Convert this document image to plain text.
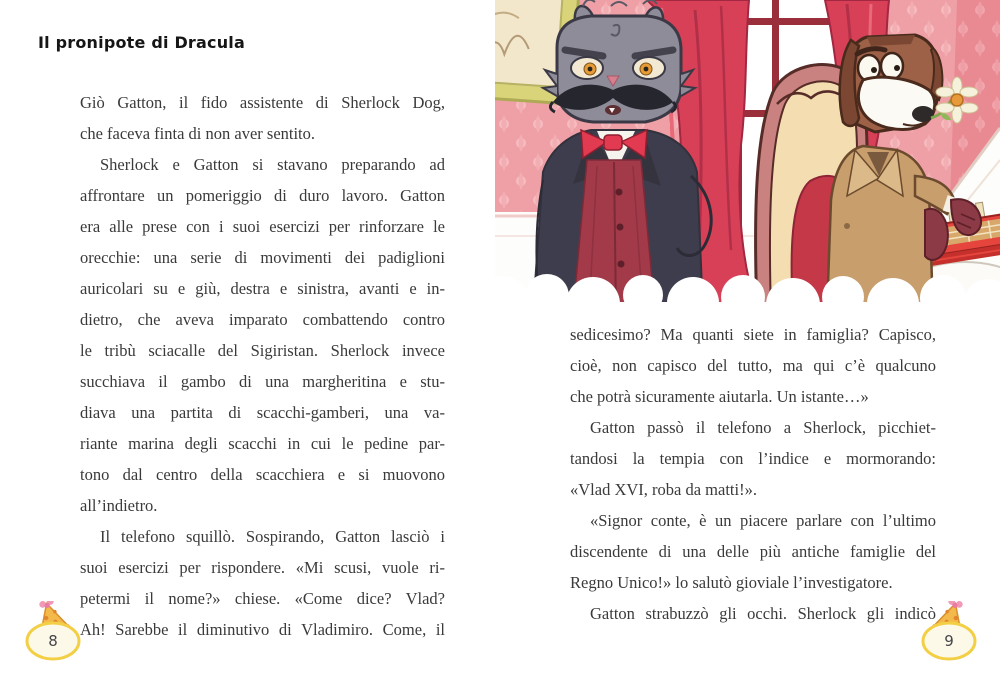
Il pronipote di Dracula
Giò Gatton, il fido assistente di Sherlock Dog,
che faceva finta di non aver sentito.
Sherlock e Gatton si stavano preparando ad
affrontare un pomeriggio di duro lavoro. Gatton
era alle prese con i suoi esercizi per rinforzare le
orecchie: una serie di movimenti dei padiglioni
auricolari su e giù, destra e sinistra, avanti e in-
dietro, che aveva imparato combattendo contro
le tribù sciacalle del Sigiristan. Sherlock invece
succhiava il gambo di una margheritina e stu-
diava una partita di scacchi-gamberi, una va-
riante marina degli scacchi in cui le pedine par-
tono dal centro della scacchiera e si muovono
all’indietro.
Il telefono squillò. Sospirando, Gatton lasciò i
suoi esercizi per rispondere. «Mi scusi, vuole ri-
petermi il nome?» chiese. «Come dice? Vlad?
Ah! Sarebbe il diminutivo di Vladimiro. Come, il
sedicesimo? Ma quanti siete in famiglia? Capisco,
cioè, non capisco del tutto, ma qui c’è qualcuno
che potrà sicuramente aiutarla. Un istante…»
Gatton passò il telefono a Sherlock, picchiet-
tandosi la tempia con l’indice e mormorando:
«Vlad XVI, roba da matti!».
«Signor conte, è un piacere parlare con l’ultimo
discendente di una delle più antiche famiglie del
Regno Unico!» lo salutò gioviale l’investigatore.
Gatton strabuzzò gli occhi. Sherlock gli indicò
8	9
